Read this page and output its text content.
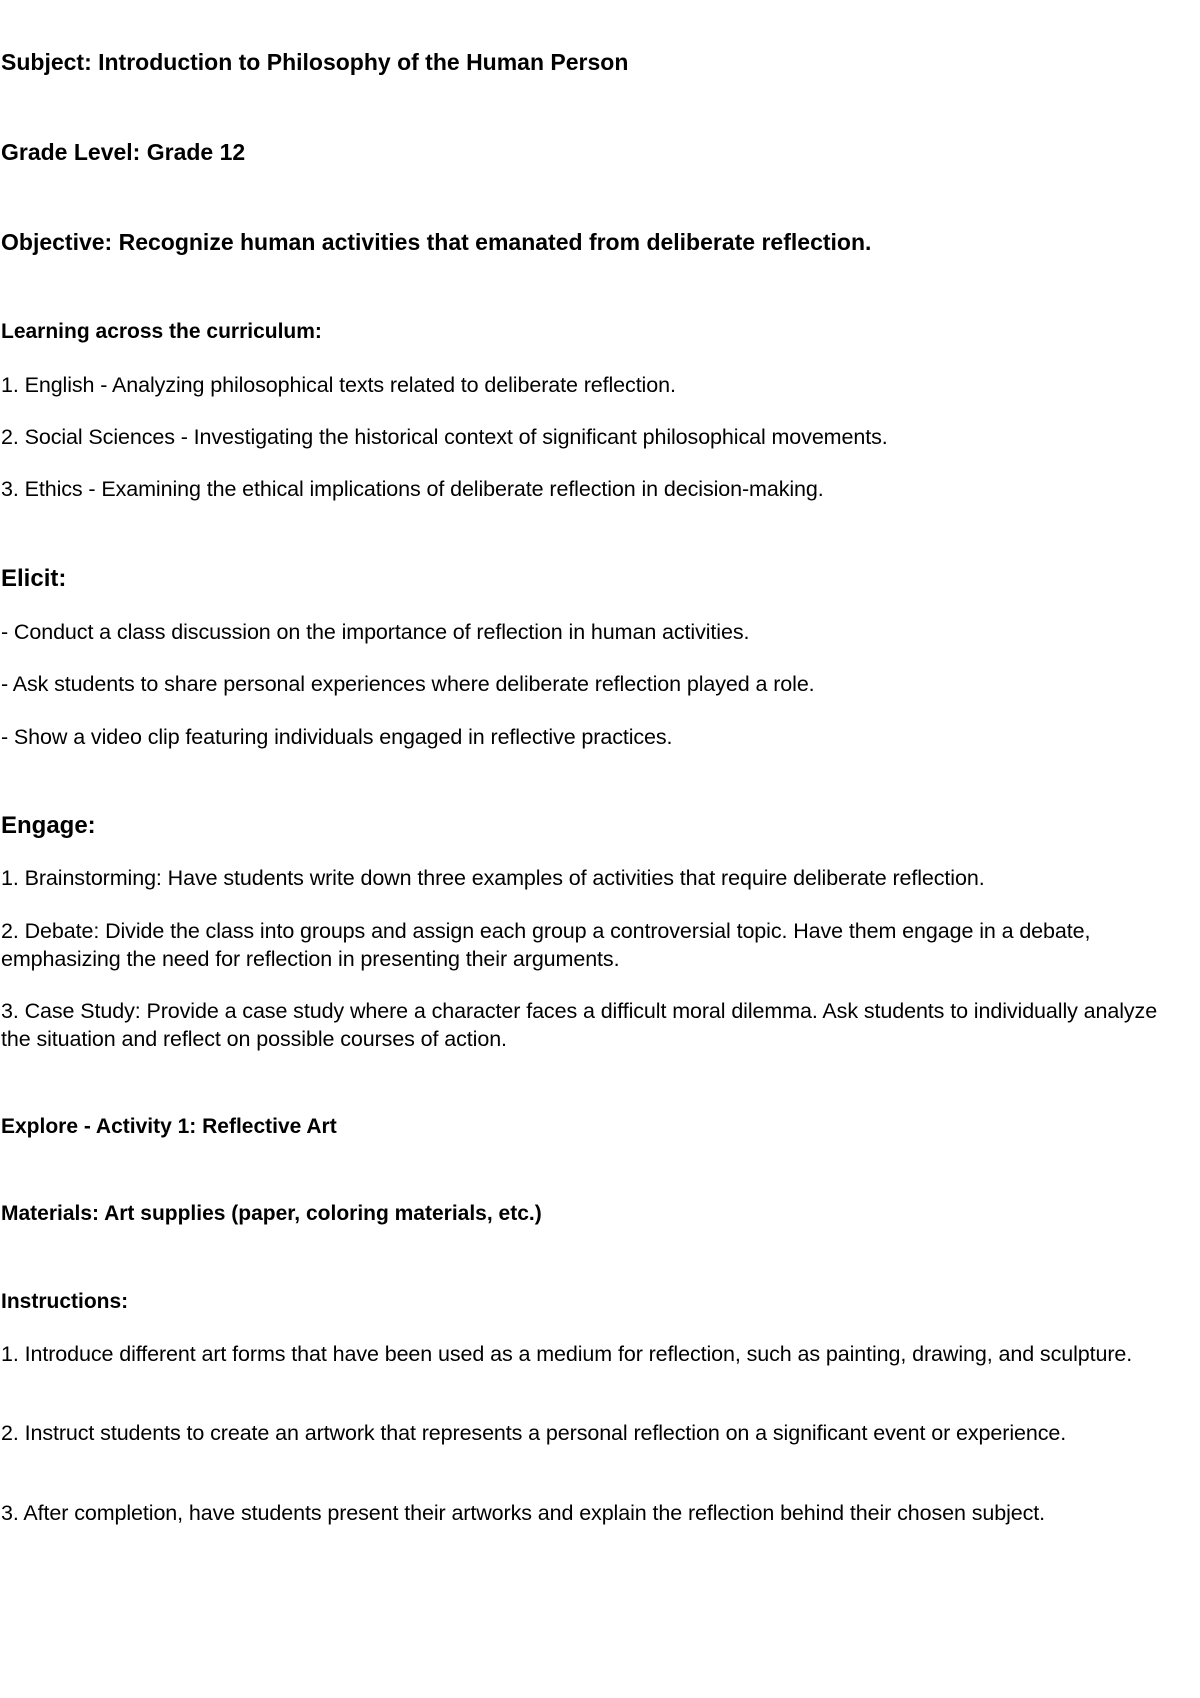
Subject: Introduction to Philosophy of the Human Person

Grade Level: Grade 12

Objective: Recognize human activities that emanated from deliberate reflection.

Learning across the curriculum:

1. English - Analyzing philosophical texts related to deliberate reflection.

2. Social Sciences - Investigating the historical context of significant philosophical movements.

3. Ethics - Examining the ethical implications of deliberate reflection in decision-making.

Elicit:

- Conduct a class discussion on the importance of reflection in human activities.

- Ask students to share personal experiences where deliberate reflection played a role.

- Show a video clip featuring individuals engaged in reflective practices.

Engage:

1. Brainstorming: Have students write down three examples of activities that require deliberate reflection.

2. Debate: Divide the class into groups and assign each group a controversial topic. Have them engage in a debate, emphasizing the need for reflection in presenting their arguments.

3. Case Study: Provide a case study where a character faces a difficult moral dilemma. Ask students to individually analyze the situation and reflect on possible courses of action.

Explore - Activity 1: Reflective Art

Materials: Art supplies (paper, coloring materials, etc.)

Instructions:

1. Introduce different art forms that have been used as a medium for reflection, such as painting, drawing, and sculpture.

2. Instruct students to create an artwork that represents a personal reflection on a significant event or experience.

3. After completion, have students present their artworks and explain the reflection behind their chosen subject.
